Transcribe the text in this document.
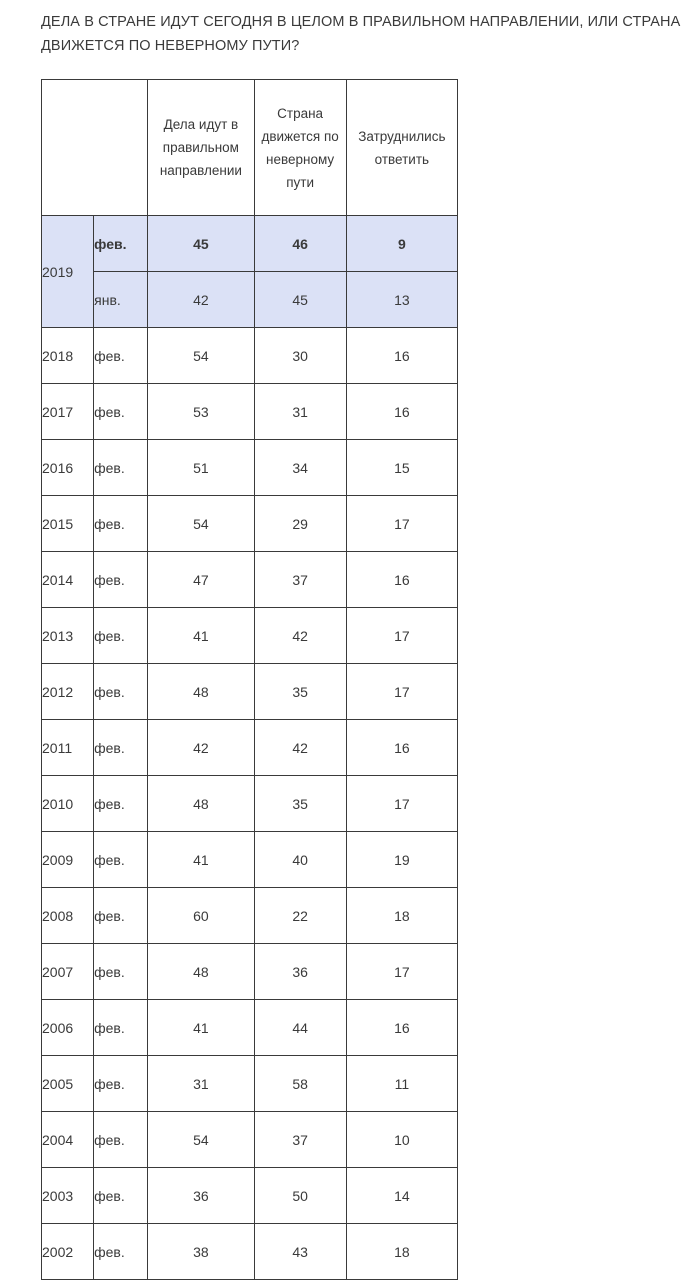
ДЕЛА В СТРАНЕ ИДУТ СЕГОДНЯ В ЦЕЛОМ В ПРАВИЛЬНОМ НАПРАВЛЕНИИ, ИЛИ СТРАНА ДВИЖЕТСЯ ПО НЕВЕРНОМУ ПУТИ?
		Дела идут в правильном направлении	Страна движется по неверному пути	Затруднились ответить
2019	фев.	45	46	9
	янв.	42	45	13
2018	фев.	54	30	16
2017	фев.	53	31	16
2016	фев.	51	34	15
2015	фев.	54	29	17
2014	фев.	47	37	16
2013	фев.	41	42	17
2012	фев.	48	35	17
2011	фев.	42	42	16
2010	фев.	48	35	17
2009	фев.	41	40	19
2008	фев.	60	22	18
2007	фев.	48	36	17
2006	фев.	41	44	16
2005	фев.	31	58	11
2004	фев.	54	37	10
2003	фев.	36	50	14
2002	фев.	38	43	18
